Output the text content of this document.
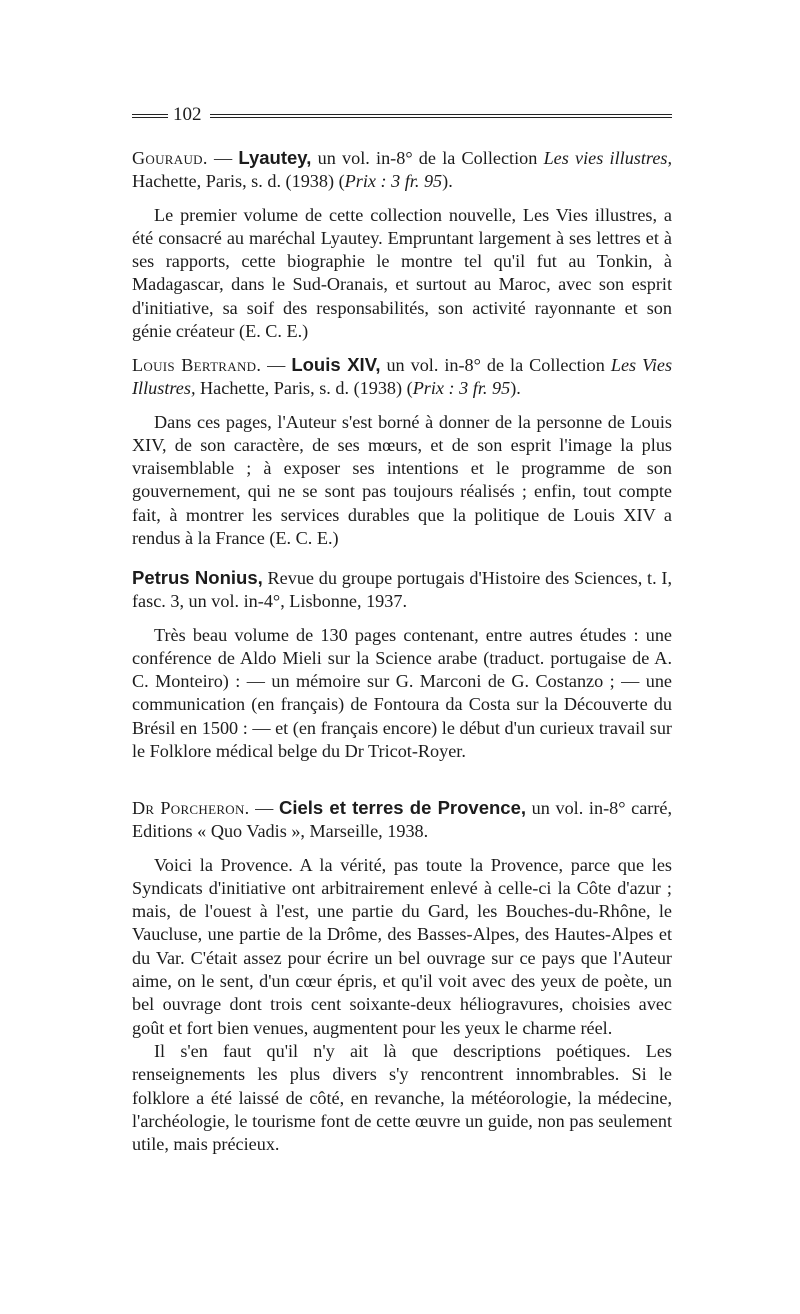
102

Gouraud. — Lyautey, un vol. in-8° de la Collection Les vies illustres, Hachette, Paris, s. d. (1938) (Prix : 3 fr. 95).

Le premier volume de cette collection nouvelle, Les Vies illustres, a été consacré au maréchal Lyautey. Empruntant largement à ses lettres et à ses rapports, cette biographie le montre tel qu'il fut au Tonkin, à Madagascar, dans le Sud-Oranais, et surtout au Maroc, avec son esprit d'initiative, sa soif des responsabilités, son activité rayonnante et son génie créateur (E. C. E.)

Louis Bertrand. — Louis XIV, un vol. in-8° de la Collection Les Vies Illustres, Hachette, Paris, s. d. (1938) (Prix : 3 fr. 95).

Dans ces pages, l'Auteur s'est borné à donner de la personne de Louis XIV, de son caractère, de ses mœurs, et de son esprit l'image la plus vraisemblable ; à exposer ses intentions et le programme de son gouvernement, qui ne se sont pas toujours réalisés ; enfin, tout compte fait, à montrer les services durables que la politique de Louis XIV a rendus à la France (E. C. E.)

Petrus Nonius, Revue du groupe portugais d'Histoire des Sciences, t. I, fasc. 3, un vol. in-4°, Lisbonne, 1937.

Très beau volume de 130 pages contenant, entre autres études : une conférence de Aldo Mieli sur la Science arabe (traduct. portugaise de A. C. Monteiro) : — un mémoire sur G. Marconi de G. Costanzo ; — une communication (en français) de Fontoura da Costa sur la Découverte du Brésil en 1500 : — et (en français encore) le début d'un curieux travail sur le Folklore médical belge du Dr Tricot-Royer.

Dr Porcheron. — Ciels et terres de Provence, un vol. in-8° carré, Editions « Quo Vadis », Marseille, 1938.

Voici la Provence. A la vérité, pas toute la Provence, parce que les Syndicats d'initiative ont arbitrairement enlevé à celle-ci la Côte d'azur ; mais, de l'ouest à l'est, une partie du Gard, les Bouches-du-Rhône, le Vaucluse, une partie de la Drôme, des Basses-Alpes, des Hautes-Alpes et du Var. C'était assez pour écrire un bel ouvrage sur ce pays que l'Auteur aime, on le sent, d'un cœur épris, et qu'il voit avec des yeux de poète, un bel ouvrage dont trois cent soixante-deux héliogravures, choisies avec goût et fort bien venues, augmentent pour les yeux le charme réel.

Il s'en faut qu'il n'y ait là que descriptions poétiques. Les renseignements les plus divers s'y rencontrent innombrables. Si le folklore a été laissé de côté, en revanche, la météorologie, la médecine, l'archéologie, le tourisme font de cette œuvre un guide, non pas seulement utile, mais précieux.
